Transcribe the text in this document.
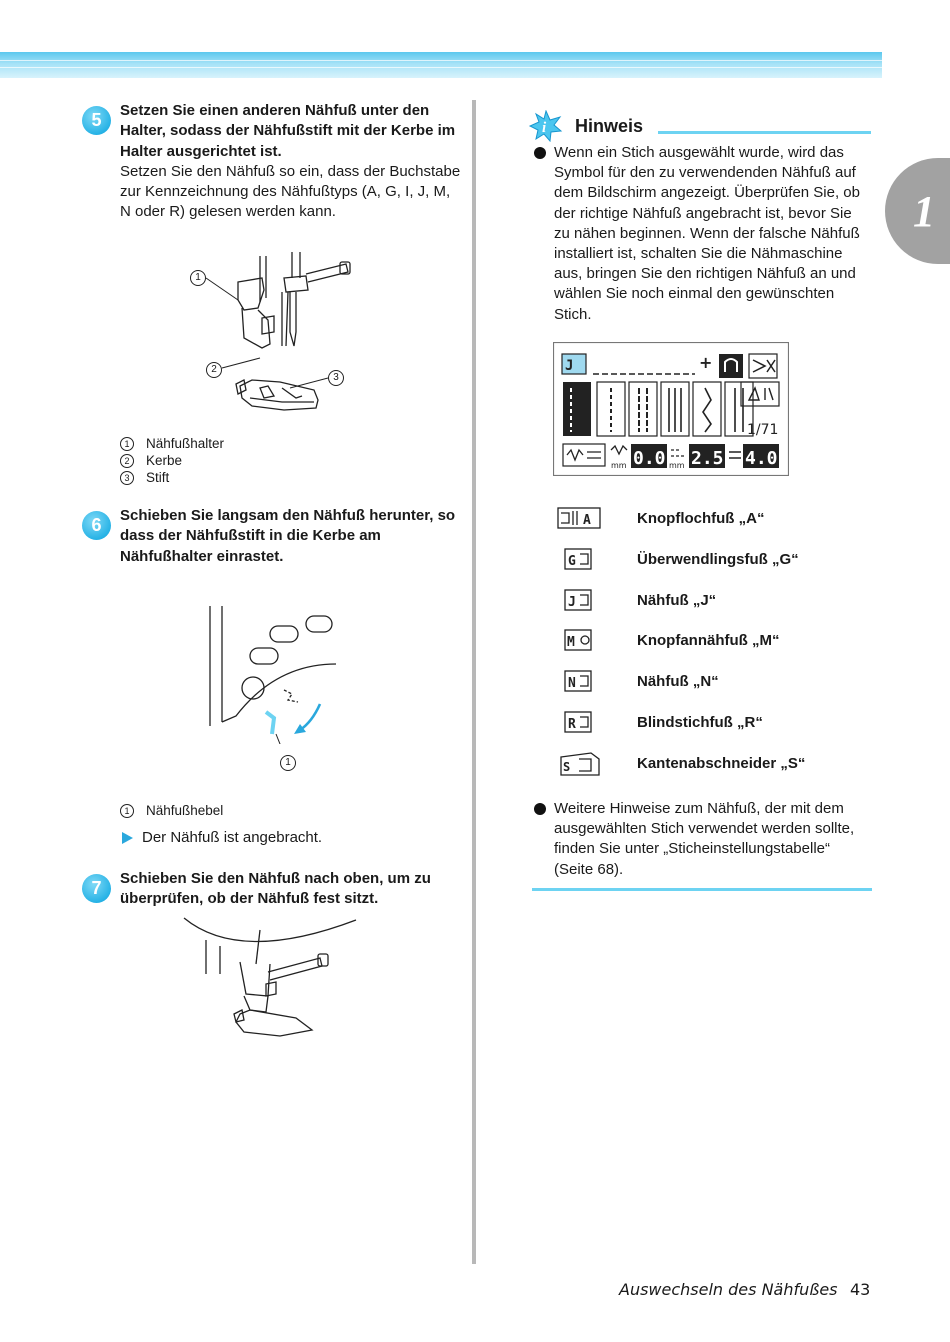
1
5	Setzen Sie einen anderen Nähfuß unter den Halter, sodass der Nähfußstift mit der Kerbe im Halter ausgerichtet ist.
Setzen Sie den Nähfuß so ein, dass der Buchstabe zur Kennzeichnung des Nähfußtyps (A, G, I, J, M, N oder R) gelesen werden kann.
1
2
3
1	Nähfußhalter
2	Kerbe
3	Stift
6	Schieben Sie langsam den Nähfuß herunter, so dass der Nähfußstift in die Kerbe am Nähfußhalter einrastet.
1
1	Nähfußhebel
Der Nähfuß ist angebracht.
7	Schieben Sie den Nähfuß nach oben, um zu überprüfen, ob der Nähfuß fest sitzt.
i Hinweis
Wenn ein Stich ausgewählt wurde, wird das Symbol für den zu verwendenden Nähfuß auf dem Bildschirm angezeigt. Überprüfen Sie, ob der richtige Nähfuß angebracht ist, bevor Sie zu nähen beginnen. Wenn der falsche Nähfuß installiert ist, schalten Sie die Nähmaschine aus, bringen Sie den richtigen Nähfuß an und wählen Sie noch einmal den gewünschten Stich.
J	+
1/71
mm 0.0 mm 2.5 4.0
A	Knopflochfuß „A“
G	Überwendlingsfuß „G“
J	Nähfuß „J“
M	Knopfannähfuß „M“
N	Nähfuß „N“
R	Blindstichfuß „R“
S	Kantenabschneider „S“
Weitere Hinweise zum Nähfuß, der mit dem ausgewählten Stich verwendet werden sollte, finden Sie unter „Sticheinstellungstabelle“ (Seite 68).
Auswechseln des Nähfußes 43
